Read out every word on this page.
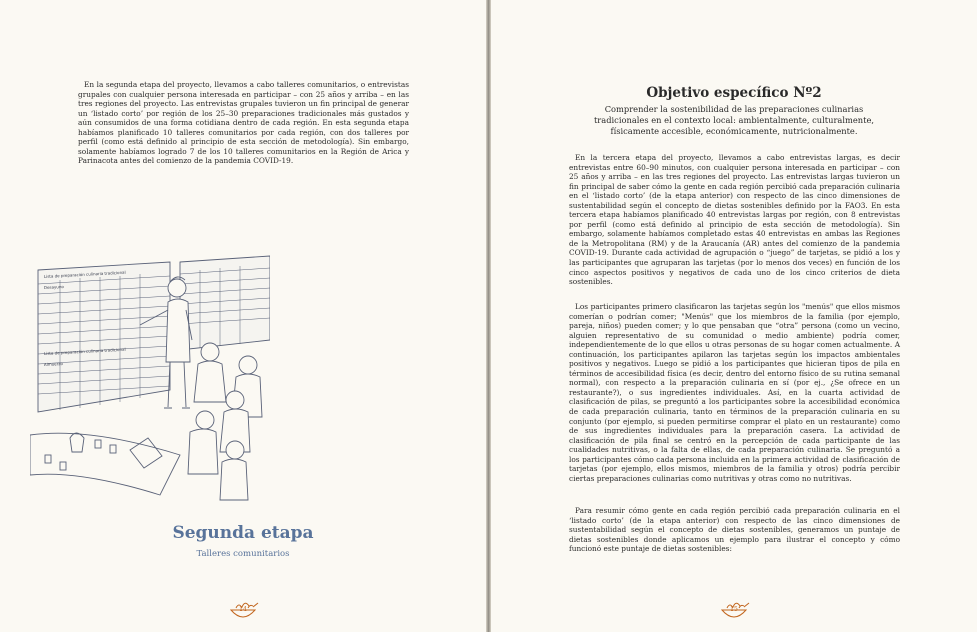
En la segunda etapa del proyecto, llevamos a cabo talleres comunitarios, o entrevistas grupales con cualquier persona interesada en participar – con 25 años y arriba – en las tres regiones del proyecto. Las entrevistas grupales tuvieron un fin principal de generar un ‘listado corto’ por región de los 25–30 preparaciones tradicionales más gustados y aún consumidos de una forma cotidiana dentro de cada región. En esta segunda etapa habíamos planificado 10 talleres comunitarios por cada región, con dos talleres por perfil (como está definido al principio de esta sección de metodología). Sin embargo, solamente habíamos logrado 7 de los 10 talleres comunitarios en la Región de Arica y Parinacota antes del comienzo de la pandemia COVID-19.

Lista de preparación culinaria tradicional
Desayuno
Lista de preparación culinaria tradicional
Almuerzo
Segunda etapa

Talleres comunitarios

14
Objetivo específico Nº2

Comprender la sostenibilidad de las preparaciones culinarias tradicionales en el contexto local: ambientalmente, culturalmente, físicamente accesible, económicamente, nutricionalmente.

En la tercera etapa del proyecto, llevamos a cabo entrevistas largas, es decir entrevistas entre 60–90 minutos, con cualquier persona interesada en participar – con 25 años y arriba – en las tres regiones del proyecto. Las entrevistas largas tuvieron un fin principal de saber cómo la gente en cada región percibió cada preparación culinaria en el ‘listado corto’ (de la etapa anterior) con respecto de las cinco dimensiones de sustentabilidad según el concepto de dietas sostenibles definido por la FAO3. En esta tercera etapa habíamos planificado 40 entrevistas largas por región, con 8 entrevistas por perfil (como está definido al principio de esta sección de metodología). Sin embargo, solamente habíamos completado estas 40 entrevistas en ambas las Regiones de la Metropolitana (RM) y de la Araucanía (AR) antes del comienzo de la pandemia COVID-19. Durante cada actividad de agrupación o “juego” de tarjetas, se pidió a los y las participantes que agruparan las tarjetas (por lo menos dos veces) en función de los cinco aspectos positivos y negativos de cada uno de los cinco criterios de dieta sostenibles.

Los participantes primero clasificaron las tarjetas según los "menús" que ellos mismos comerían o podrían comer; "Menús" que los miembros de la familia (por ejemplo, pareja, niños) pueden comer; y lo que pensaban que “otra” persona (como un vecino, alguien representativo de su comunidad o medio ambiente) podría comer, independientemente de lo que ellos u otras personas de su hogar comen actualmente. A continuación, los participantes apilaron las tarjetas según los impactos ambientales positivos y negativos. Luego se pidió a los participantes que hicieran tipos de pila en términos de accesibilidad física (es decir, dentro del entorno físico de su rutina semanal normal), con respecto a la preparación culinaria en sí (por ej., ¿Se ofrece en un restaurante?), o sus ingredientes individuales. Así, en la cuarta actividad de clasificación de pilas, se preguntó a los participantes sobre la accesibilidad económica de cada preparación culinaria, tanto en términos de la preparación culinaria en su conjunto (por ejemplo, si pueden permitirse comprar el plato en un restaurante) como de sus ingredientes individuales para la preparación casera. La actividad de clasificación de pila final se centró en la percepción de cada participante de las cualidades nutritivas, o la falta de ellas, de cada preparación culinaria. Se preguntó a los participantes cómo cada persona incluida en la primera actividad de clasificación de tarjetas (por ejemplo, ellos mismos, miembros de la familia y otros) podría percibir ciertas preparaciones culinarias como nutritivas y otras como no nutritivas.

Para resumir cómo gente en cada región percibió cada preparación culinaria en el ‘listado corto’ (de la etapa anterior) con respecto de las cinco dimensiones de sustentabilidad según el concepto de dietas sostenibles, generamos un puntaje de dietas sostenibles donde aplicamos un ejemplo para ilustrar el concepto y cómo funcionó este puntaje de dietas sostenibles:

15
